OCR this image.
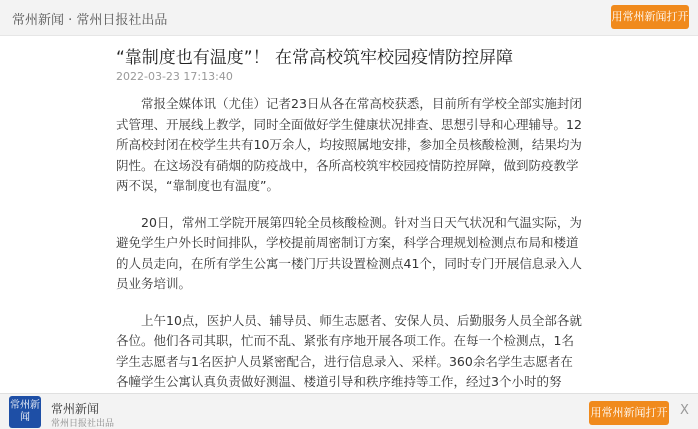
常州新闻 · 常州日报社出品	用常州新闻打开
“靠制度也有温度”！ 在常高校筑牢校园疫情防控屏障
2022-03-23 17:13:40

常报全媒体讯（尤佳）记者23日从各在常高校获悉，目前所有学校全部实施封闭式管理、开展线上教学，同时全面做好学生健康状况排查、思想引导和心理辅导。12所高校封闭在校学生共有10万余人，均按照属地安排，参加全员核酸检测，结果均为阴性。在这场没有硝烟的防疫战中，各所高校筑牢校园疫情防控屏障，做到防疫教学两不误，“靠制度也有温度”。

20日，常州工学院开展第四轮全员核酸检测。针对当日天气状况和气温实际，为避免学生户外长时间排队，学校提前周密制订方案，科学合理规划检测点布局和楼道的人员走向，在所有学生公寓一楼门厅共设置检测点41个，同时专门开展信息录入人员业务培训。

上午10点，医护人员、辅导员、师生志愿者、安保人员、后勤服务人员全部各就各位。他们各司其职，忙而不乱、紧张有序地开展各项工作。在每一个检测点，1名学生志愿者与1名医护人员紧密配合，进行信息录入、采样。360余名学生志愿者在各幢学生公寓认真负责做好测温、楼道引导和秩序维持等工作，经过3个小时的努

常州新闻
常州新闻
常州日报社出品
用常州新闻打开 X
